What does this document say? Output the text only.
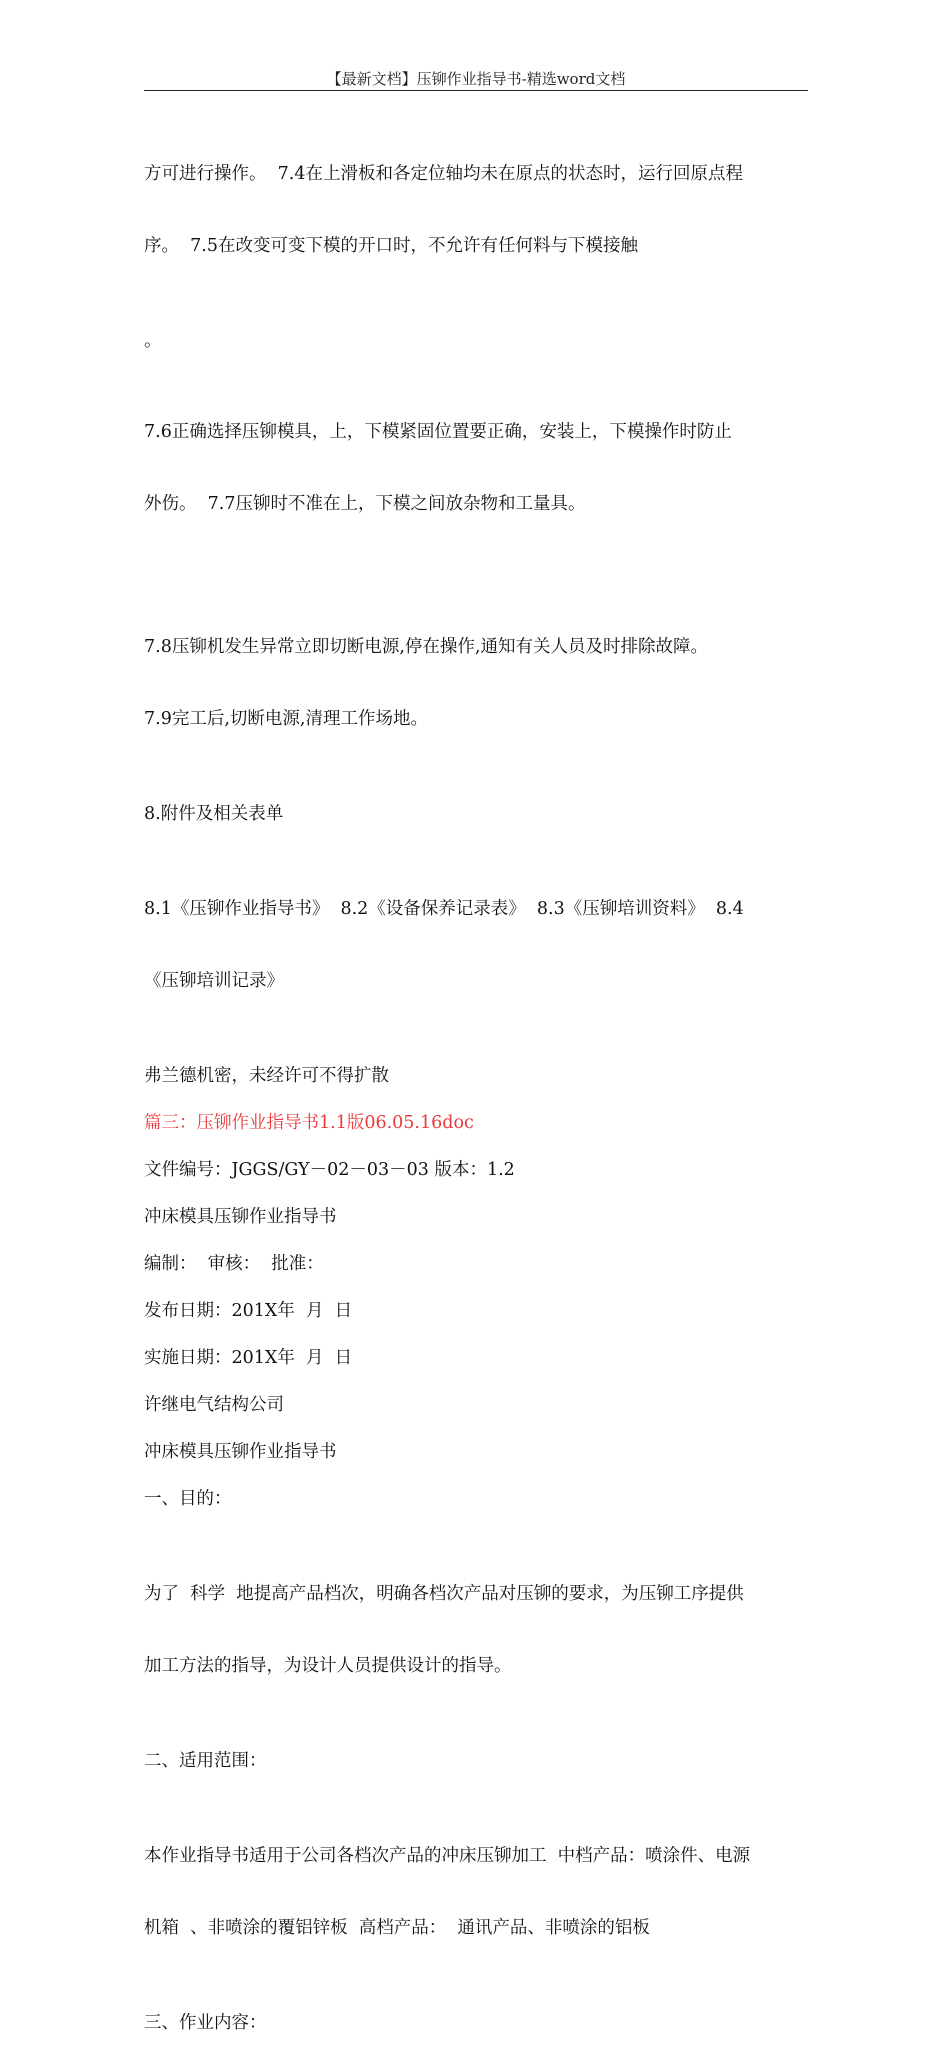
【最新文档】压铆作业指导书-精选word文档

方可进行操作。  7.4在上滑板和各定位轴均未在原点的状态时，运行回原点程

序。  7.5在改变可变下模的开口时，不允许有任何料与下模接触

。

7.6正确选择压铆模具，上，下模紧固位置要正确，安装上，下模操作时防止

外伤。  7.7压铆时不准在上，下模之间放杂物和工量具。

7.8压铆机发生异常立即切断电源,停在操作,通知有关人员及时排除故障。

7.9完工后,切断电源,清理工作场地。

8.附件及相关表单

8.1《压铆作业指导书》  8.2《设备保养记录表》  8.3《压铆培训资料》  8.4

《压铆培训记录》

弗兰德机密，未经许可不得扩散

篇三：压铆作业指导书1.1版06.05.16doc

文件编号：JGGS/GY－02－03－03 版本：1.2

冲床模具压铆作业指导书

编制：  审核：  批准：

发布日期：201X年  月  日

实施日期：201X年  月  日

许继电气结构公司

冲床模具压铆作业指导书

一、目的：

为了  科学  地提高产品档次，明确各档次产品对压铆的要求，为压铆工序提供

加工方法的指导，为设计人员提供设计的指导。

二、适用范围：

本作业指导书适用于公司各档次产品的冲床压铆加工  中档产品：喷涂件、电源

机箱  、非喷涂的覆铝锌板  高档产品：  通讯产品、非喷涂的铝板

三、作业内容：
